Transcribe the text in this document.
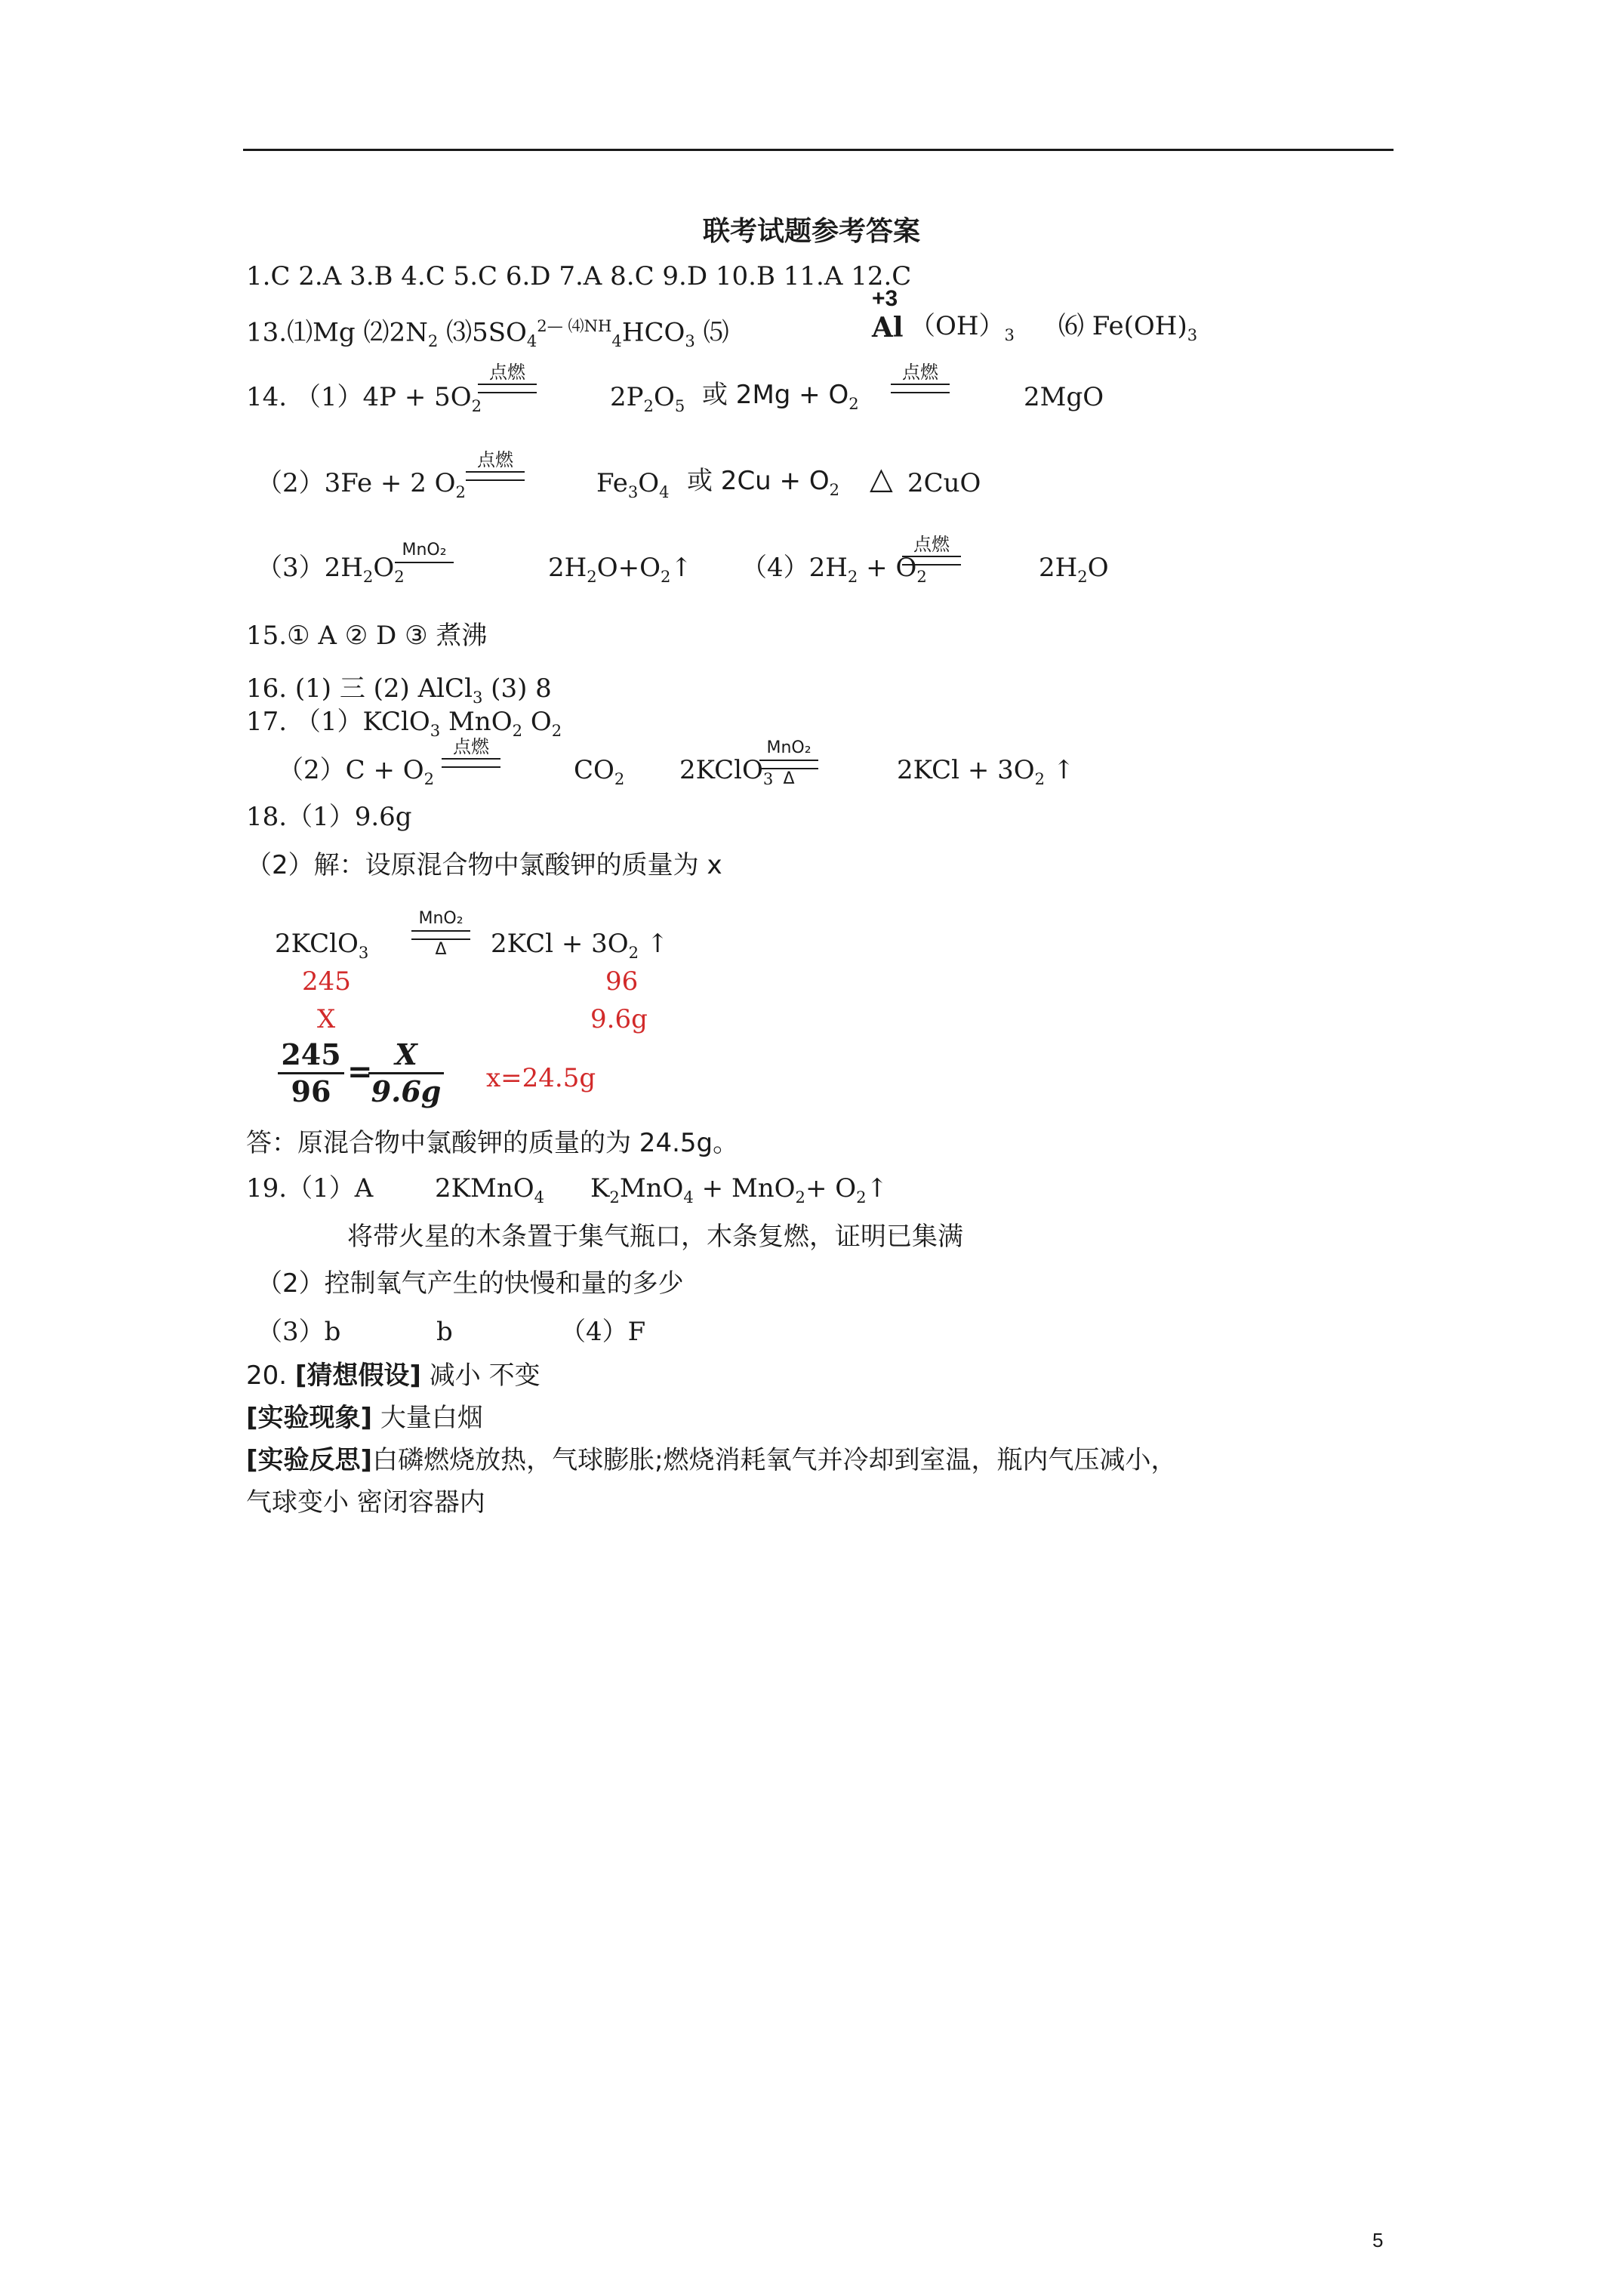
联考试题参考答案
1.C 2.A 3.B 4.C 5.C 6.D 7.A 8.C 9.D 10.B 11.A 12.C
13.⑴Mg $⑵2N_2$ $⑶5SO_4^{2— ⑷NH}_4HCO_3$ ⑸
+3
Al $(OH)_3$ ⑹ $Fe(OH)_3$
14. $(1)4P + 5O_2$
点燃
$2P_2O_5$ 或 $2Mg + O_2$
点燃
2MgO
（2）3Fe + 2 $O_2$
点燃
$Fe_3O_4$ 或 $2Cu + O_2$ △ 2CuO
$(3)2H_2O_2$
MnO₂
$2H_2O+O_2↑$ $(4)2H_2 + O_2$
点燃
$2H_2O$
15.① A ② D ③ 煮沸
16. (1) 三 (2) AlCl$_3$ (3) 8
17. （1）KClO$_3$ MnO$_2$ $O_2$
$(2)C + O_2$
点燃
$CO_2$ 2KClO$_3$
MnO₂
Δ	$2KCl + 3O_2$ ↑
18.（1）9.6g
（2）解：设原混合物中氯酸钾的质量为 x
2KClO$_3$
MnO₂
Δ	$2KCl + 3O_2$ ↑
245	96
X	9.6g
$\frac{245}{96}$ =
$\frac{X}{9.6g} x=24.5g$
答：原混合物中氯酸钾的质量的为 24.5g。
19.（1）A 2KMnO$_4$ $K_2MnO_4 + MnO_2+$ $O_2↑$
将带火星的木条置于集气瓶口，木条复燃，证明已集满
（2）控制氧气产生的快慢和量的多少
（3）b	b	（4）F
20. [猜想假设] 减小 不变
[实验现象] 大量白烟
[实验反思]白磷燃烧放热，气球膨胀;燃烧消耗氧气并冷却到室温，瓶内气压减小，
气球变小 密闭容器内
5
